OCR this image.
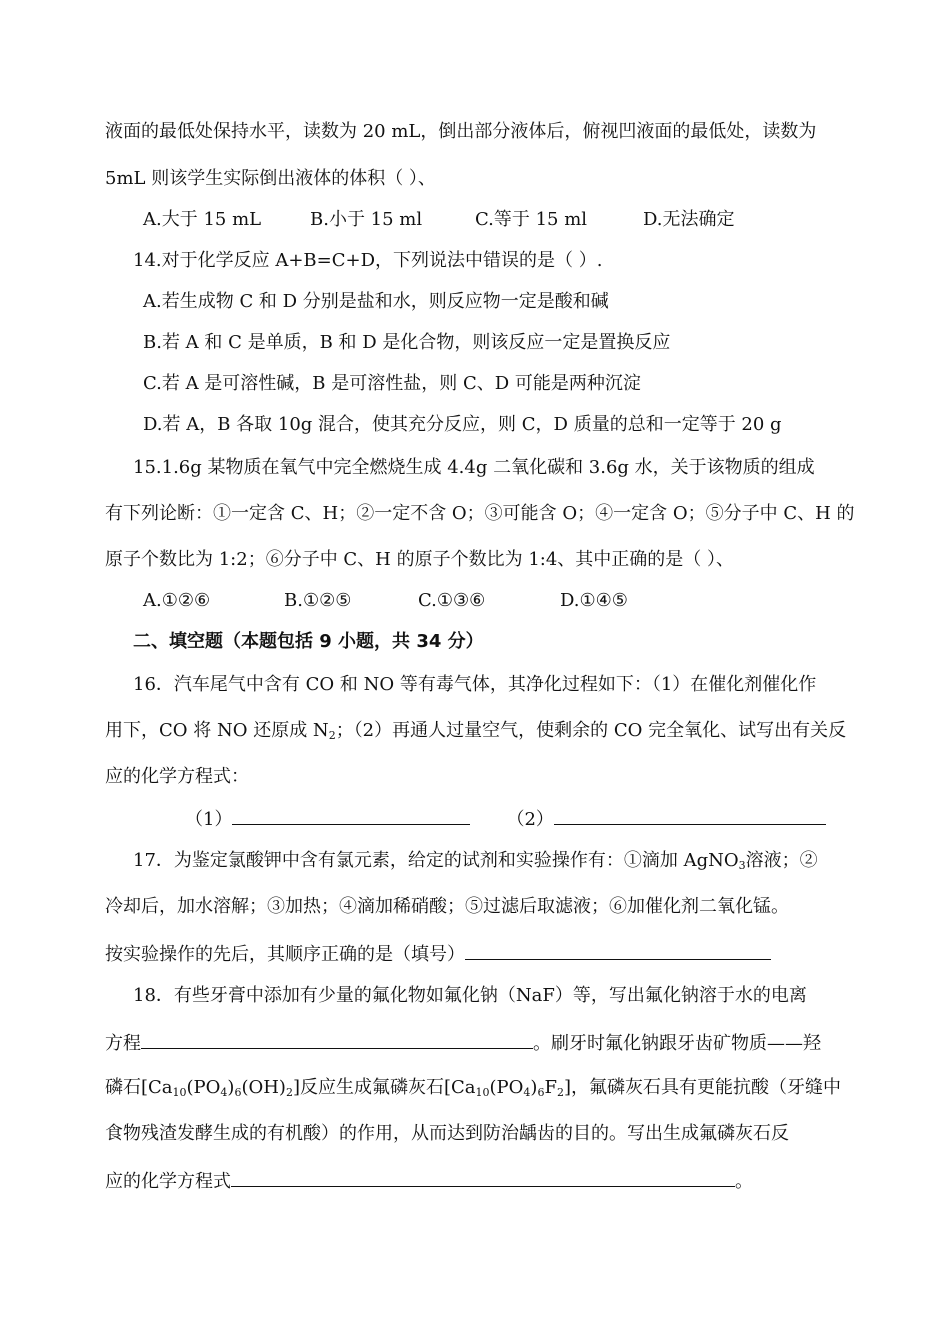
液面的最低处保持水平，读数为 20 mL，倒出部分液体后，俯视凹液面的最低处，读数为
5mL 则该学生实际倒出液体的体积（ ）、
A.大于 15 mL	B.小于 15 ml	C.等于 15 ml	D.无法确定
14.对于化学反应 A+B=C+D，下列说法中错误的是（ ）.
A.若生成物 C 和 D 分别是盐和水，则反应物一定是酸和碱
B.若 A 和 C 是单质，B 和 D 是化合物，则该反应一定是置换反应
C.若 A 是可溶性碱，B 是可溶性盐，则 C、D 可能是两种沉淀
D.若 A，B 各取 10g 混合，使其充分反应，则 C，D 质量的总和一定等于 20 g
15.1.6g 某物质在氧气中完全燃烧生成 4.4g 二氧化碳和 3.6g 水，关于该物质的组成
有下列论断：①一定含 C、H；②一定不含 O；③可能含 O；④一定含 O；⑤分子中 C、H 的
原子个数比为 1:2；⑥分子中 C、H 的原子个数比为 1:4、其中正确的是（ ）、
A.①②⑥	B.①②⑤	C.①③⑥	D.①④⑤
二、填空题（本题包括 9 小题，共 34 分）
16．汽车尾气中含有 CO 和 NO 等有毒气体，其净化过程如下：（1）在催化剂催化作
用下，CO 将 NO 还原成 $N_2$；（2）再通人过量空气，使剩余的 CO 完全氧化、试写出有关反
应的化学方程式：
（1）	（2）
17．为鉴定氯酸钾中含有氯元素，给定的试剂和实验操作有：①滴加 AgNO$_3$溶液；②
冷却后，加水溶解；③加热；④滴加稀硝酸；⑤过滤后取滤液；⑥加催化剂二氧化锰。
按实验操作的先后，其顺序正确的是（填号）
18．有些牙膏中添加有少量的氟化物如氟化钠（NaF）等，写出氟化钠溶于水的电离
方程	。刷牙时氟化钠跟牙齿矿物质——羟
磷石$[Ca_{10}(PO_4)_6(OH)_2]$反应生成氟磷灰石$[Ca_{10}(PO_4)_6F_2]$，氟磷灰石具有更能抗酸（牙缝中
食物残渣发酵生成的有机酸）的作用，从而达到防治龋齿的目的。写出生成氟磷灰石反
应的化学方程式	。
